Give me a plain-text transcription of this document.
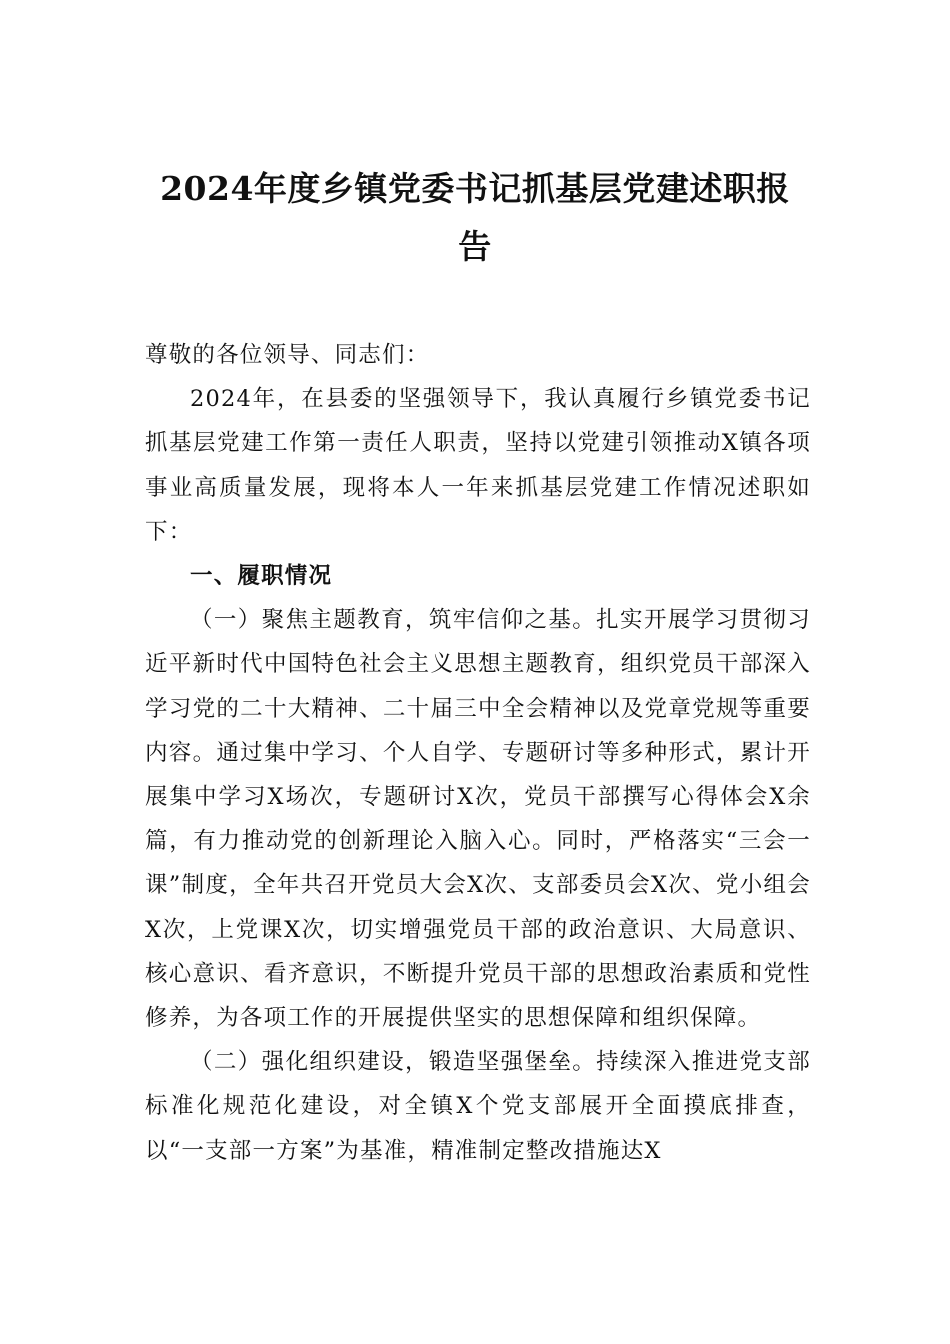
2024年度乡镇党委书记抓基层党建述职报
告

尊敬的各位领导、同志们：

2024年，在县委的坚强领导下，我认真履行乡镇党委书记抓基层党建工作第一责任人职责，坚持以党建引领推动X镇各项事业高质量发展，现将本人一年来抓基层党建工作情况述职如下：

一、履职情况

（一）聚焦主题教育，筑牢信仰之基。扎实开展学习贯彻习近平新时代中国特色社会主义思想主题教育，组织党员干部深入学习党的二十大精神、二十届三中全会精神以及党章党规等重要内容。通过集中学习、个人自学、专题研讨等多种形式，累计开展集中学习X场次，专题研讨X次，党员干部撰写心得体会X余篇，有力推动党的创新理论入脑入心。同时，严格落实“三会一课”制度，全年共召开党员大会X次、支部委员会X次、党小组会X次，上党课X次，切实增强党员干部的政治意识、大局意识、核心意识、看齐意识，不断提升党员干部的思想政治素质和党性修养，为各项工作的开展提供坚实的思想保障和组织保障。

（二）强化组织建设，锻造坚强堡垒。持续深入推进党支部标准化规范化建设，对全镇X个党支部展开全面摸底排查，以“一支部一方案”为基准，精准制定整改措施达X
